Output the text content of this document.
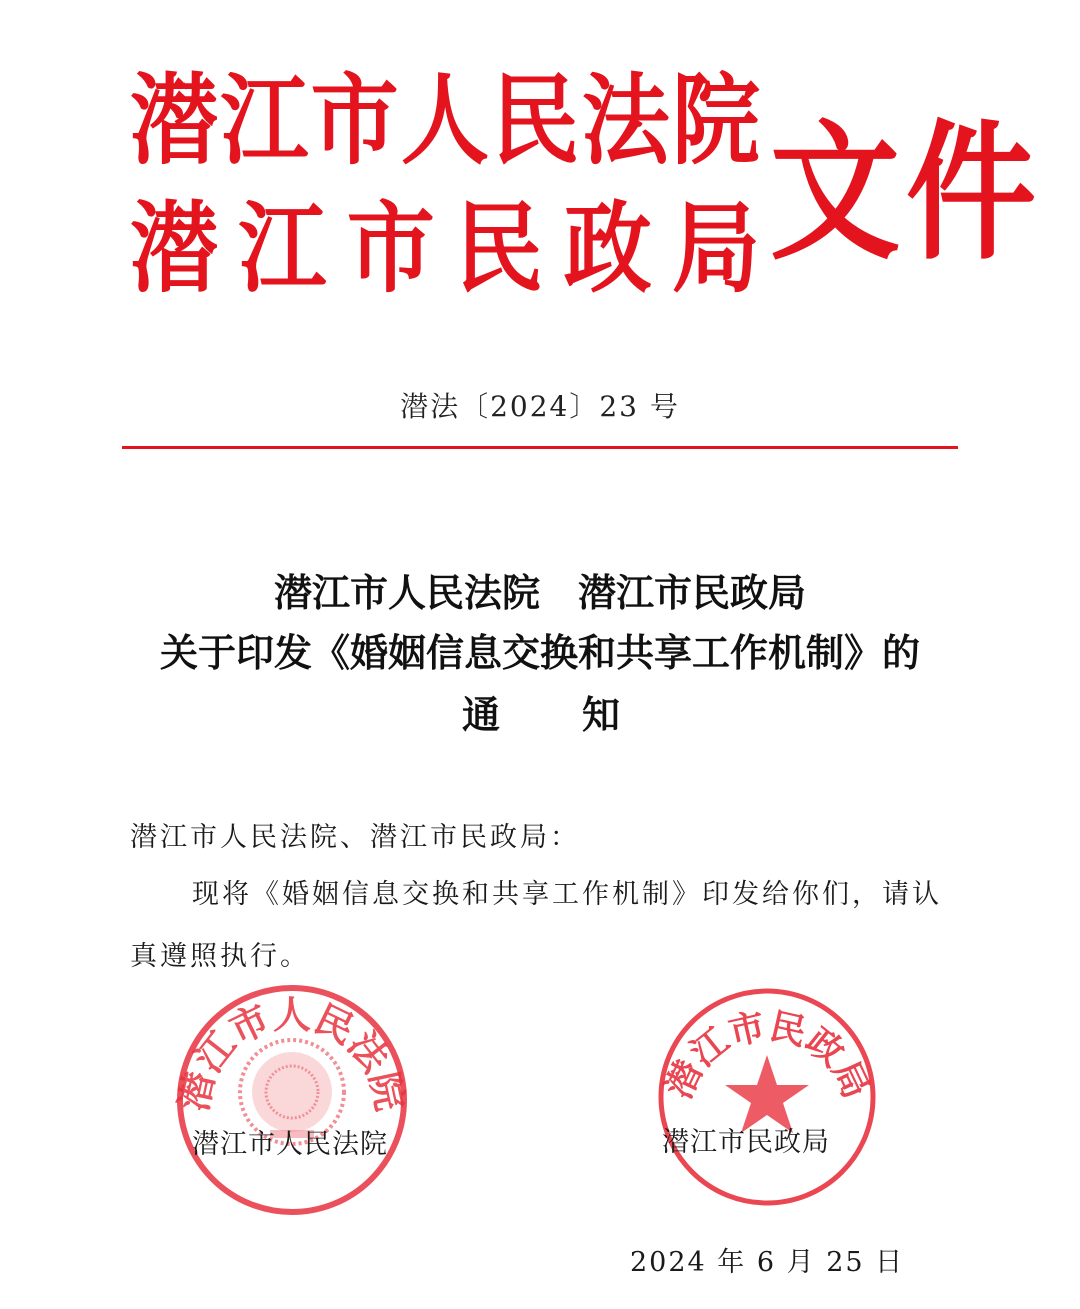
潜 江 市 人 民 法 院
潜 江 市 民 政 局 文 件
潜法〔2024〕23 号
潜江市人民法院　潜江市民政局
关于印发《婚姻信息交换和共享工作机制》的
通 知
潜江市人民法院、潜江市民政局：
现将《婚姻信息交换和共享工作机制》印发给你们，请认
真遵照执行。
潜江市人民法院	潜江市民政局
潜江市人民法院	潜江市民政局
2024 年 6 月 25 日
